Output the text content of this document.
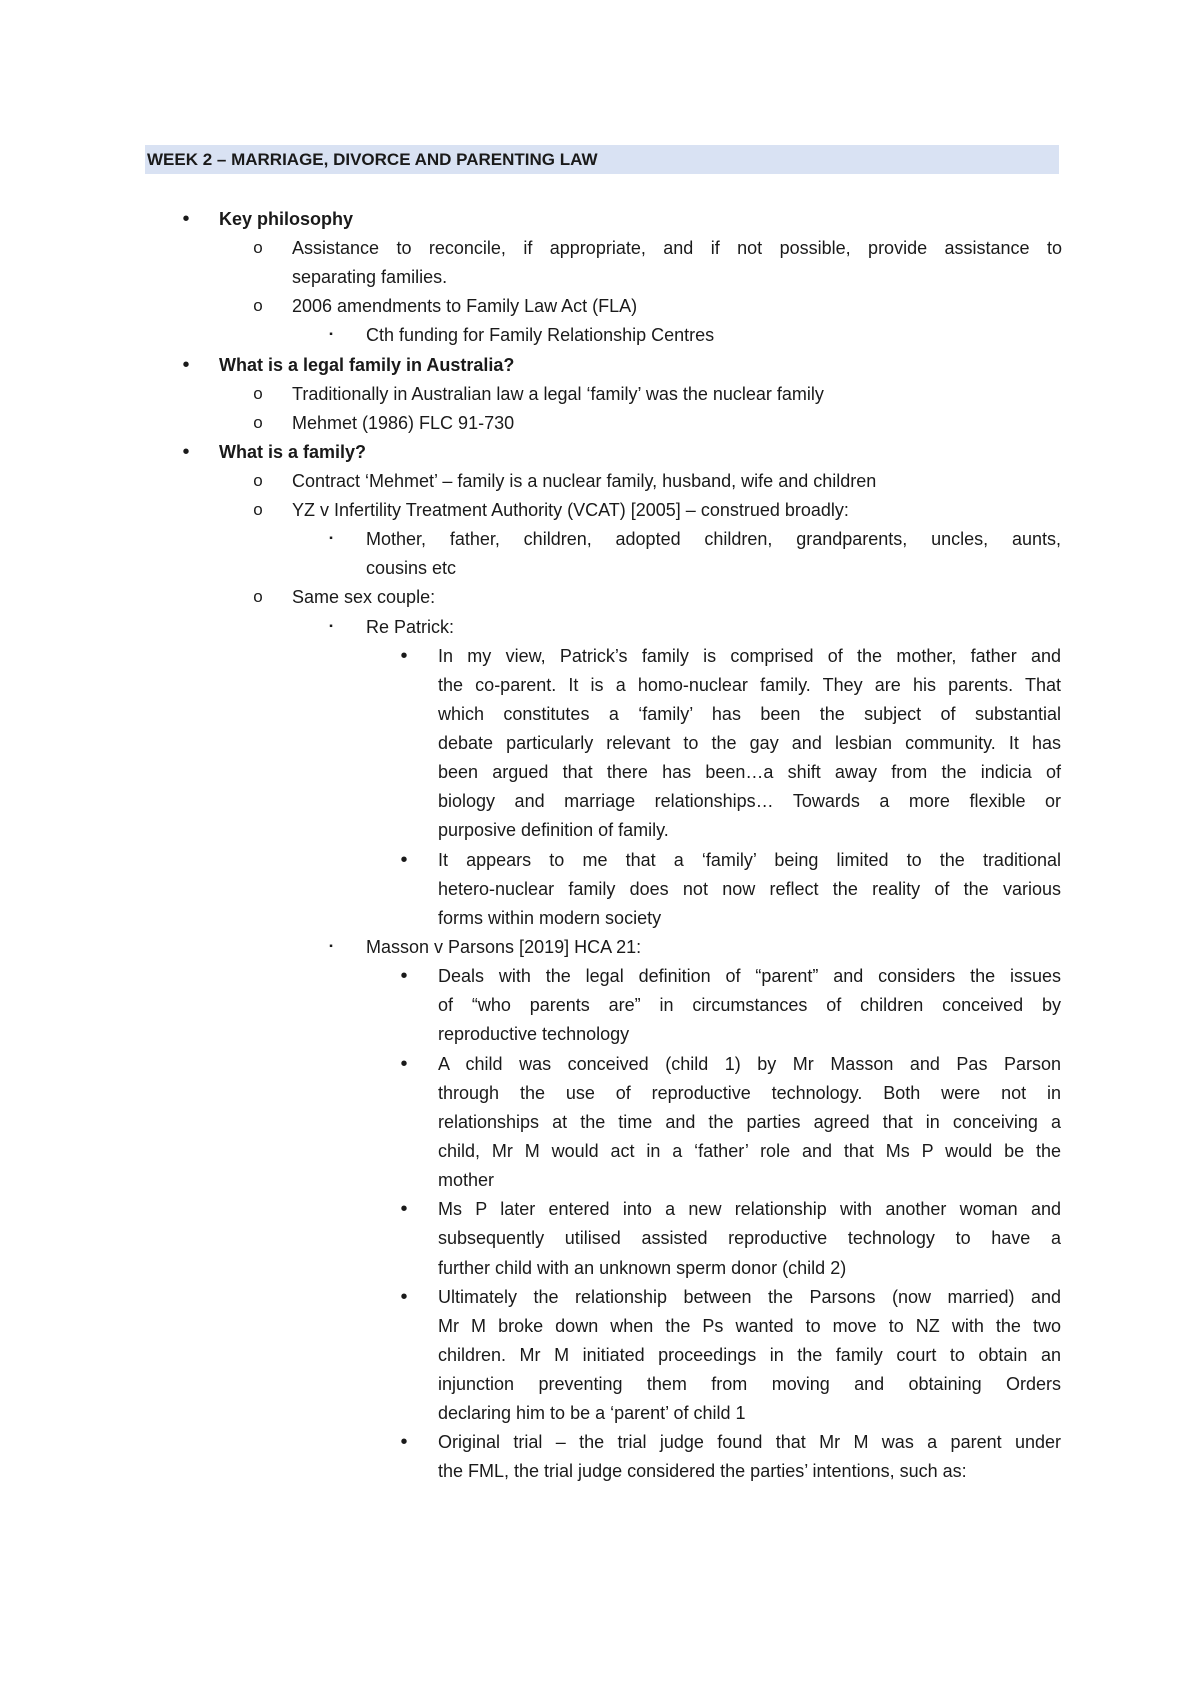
WEEK 2 – MARRIAGE, DIVORCE AND PARENTING LAW
• Key philosophy
o Assistance to reconcile, if appropriate, and if not possible, provide assistance to
separating families.
o 2006 amendments to Family Law Act (FLA)
▪ Cth funding for Family Relationship Centres
• What is a legal family in Australia?
o Traditionally in Australian law a legal ‘family’ was the nuclear family
o Mehmet (1986) FLC 91-730
• What is a family?
o Contract ‘Mehmet’ – family is a nuclear family, husband, wife and children
o YZ v Infertility Treatment Authority (VCAT) [2005] – construed broadly:
▪ Mother, father, children, adopted children, grandparents, uncles, aunts,
cousins etc
o Same sex couple:
▪ Re Patrick:
• In my view, Patrick’s family is comprised of the mother, father and
the co-parent. It is a homo-nuclear family. They are his parents. That
which constitutes a ‘family’ has been the subject of substantial
debate particularly relevant to the gay and lesbian community. It has
been argued that there has been…a shift away from the indicia of
biology and marriage relationships… Towards a more flexible or
purposive definition of family.
• It appears to me that a ‘family’ being limited to the traditional
hetero-nuclear family does not now reflect the reality of the various
forms within modern society
▪ Masson v Parsons [2019] HCA 21:
• Deals with the legal definition of “parent” and considers the issues
of “who parents are” in circumstances of children conceived by
reproductive technology
• A child was conceived (child 1) by Mr Masson and Pas Parson
through the use of reproductive technology. Both were not in
relationships at the time and the parties agreed that in conceiving a
child, Mr M would act in a ‘father’ role and that Ms P would be the
mother
• Ms P later entered into a new relationship with another woman and
subsequently utilised assisted reproductive technology to have a
further child with an unknown sperm donor (child 2)
• Ultimately the relationship between the Parsons (now married) and
Mr M broke down when the Ps wanted to move to NZ with the two
children. Mr M initiated proceedings in the family court to obtain an
injunction preventing them from moving and obtaining Orders
declaring him to be a ‘parent’ of child 1
• Original trial – the trial judge found that Mr M was a parent under
the FML, the trial judge considered the parties’ intentions, such as:
